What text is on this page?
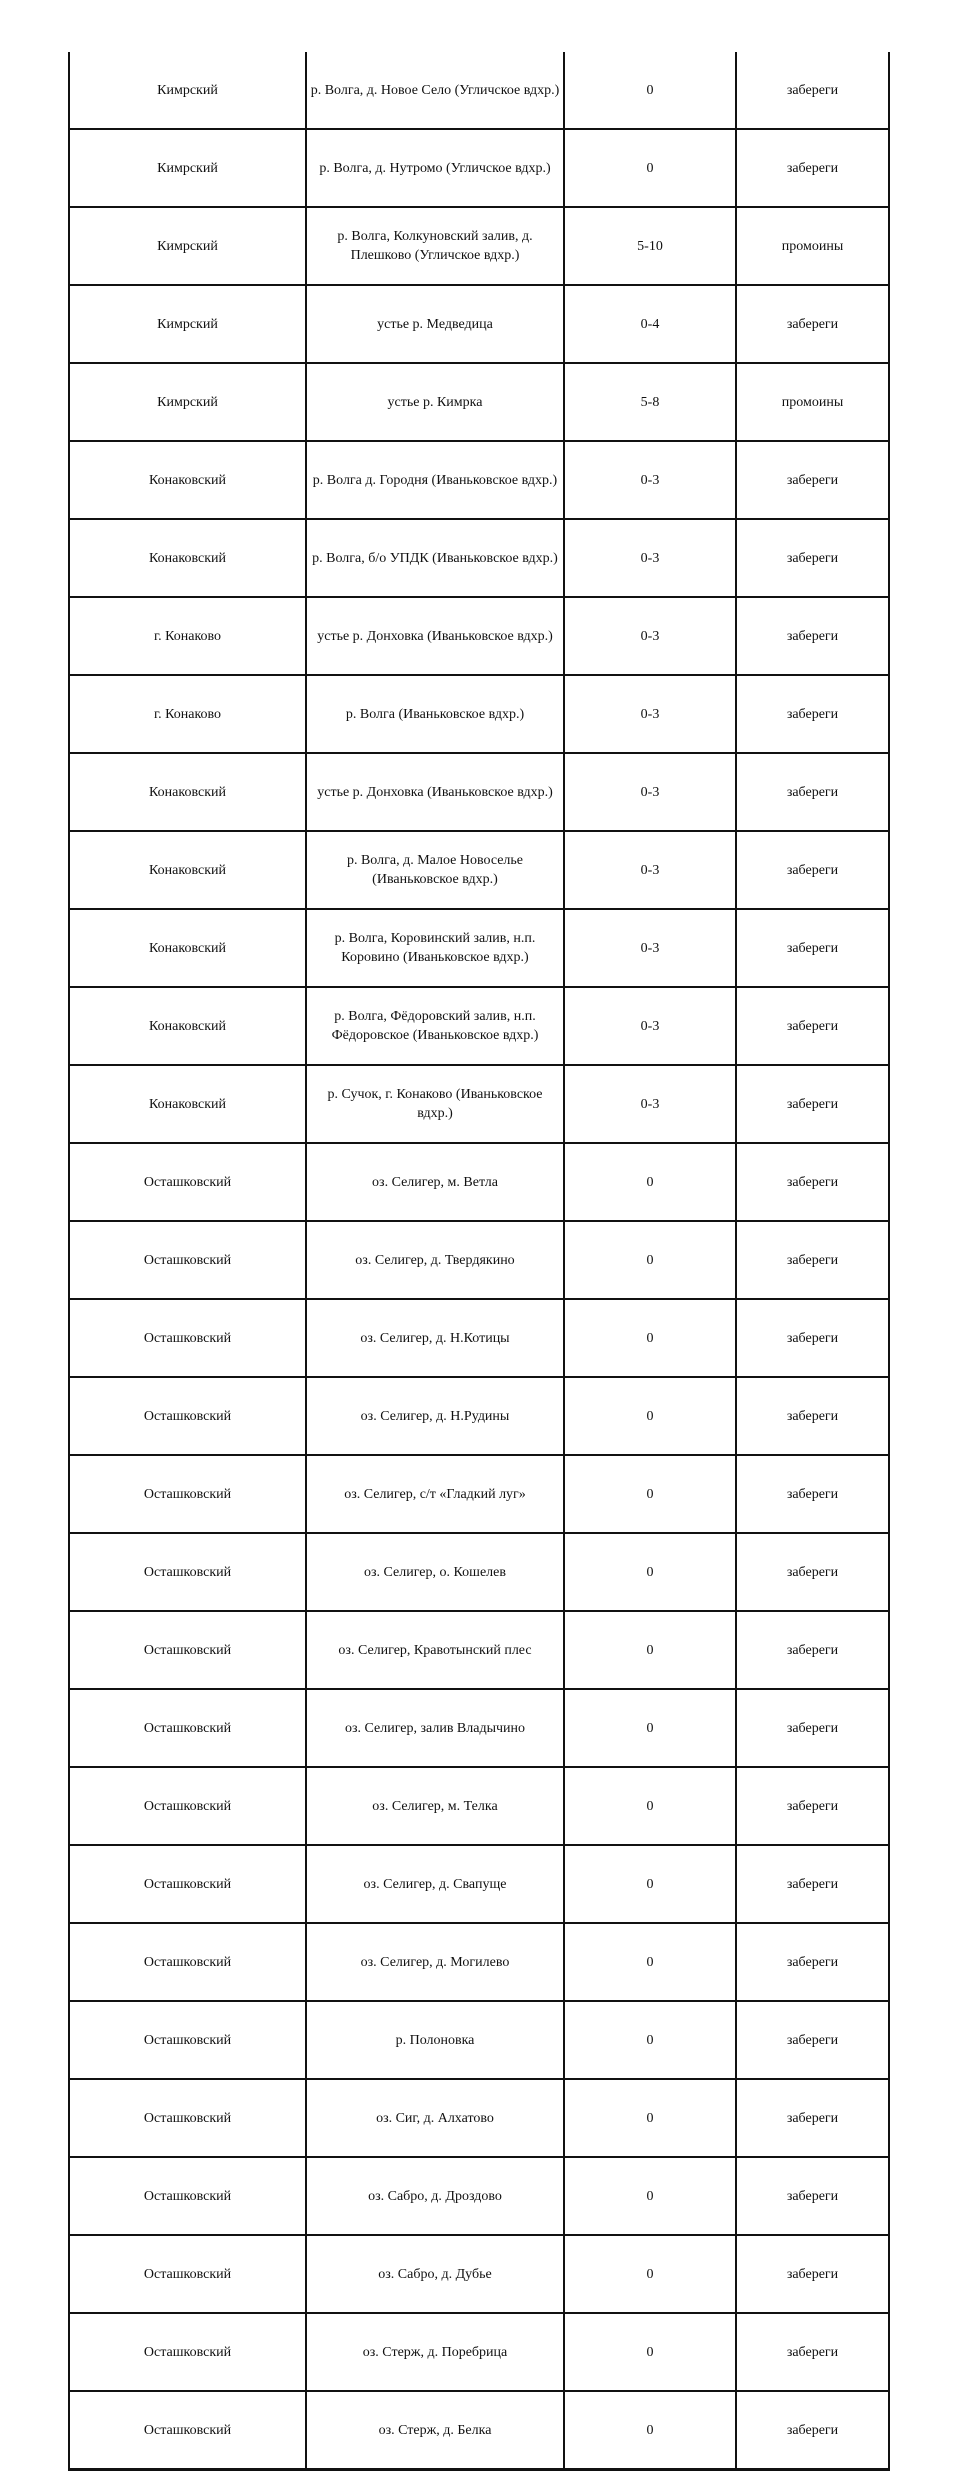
Кимрский	р. Волга, д. Новое Село (Угличское вдхр.)	0	забереги
Кимрский	р. Волга, д. Нутромо (Угличское вдхр.)	0	забереги
Кимрский	р. Волга, Колкуновский залив, д. Плешково (Угличское вдхр.)	5-10	промоины
Кимрский	устье р. Медведица	0-4	забереги
Кимрский	устье р. Кимрка	5-8	промоины
Конаковский	р. Волга д. Городня (Иваньковское вдхр.)	0-3	забереги
Конаковский	р. Волга, б/о УПДК (Иваньковское вдхр.)	0-3	забереги
г. Конаково	устье р. Донховка (Иваньковское вдхр.)	0-3	забереги
г. Конаково	р. Волга (Иваньковское вдхр.)	0-3	забереги
Конаковский	устье р. Донховка (Иваньковское вдхр.)	0-3	забереги
Конаковский	р. Волга, д. Малое Новоселье (Иваньковское вдхр.)	0-3	забереги
Конаковский	р. Волга, Коровинский залив, н.п. Коровино (Иваньковское вдхр.)	0-3	забереги
Конаковский	р. Волга, Фёдоровский залив, н.п. Фёдоровское (Иваньковское вдхр.)	0-3	забереги
Конаковский	р. Сучок, г. Конаково (Иваньковское вдхр.)	0-3	забереги
Осташковский	оз. Селигер, м. Ветла	0	забереги
Осташковский	оз. Селигер, д. Твердякино	0	забереги
Осташковский	оз. Селигер, д. Н.Котицы	0	забереги
Осташковский	оз. Селигер, д. Н.Рудины	0	забереги
Осташковский	оз. Селигер, с/т «Гладкий луг»	0	забереги
Осташковский	оз. Селигер, о. Кошелев	0	забереги
Осташковский	оз. Селигер, Кравотынский плес	0	забереги
Осташковский	оз. Селигер, залив Владычино	0	забереги
Осташковский	оз. Селигер, м. Телка	0	забереги
Осташковский	оз. Селигер, д. Свапуще	0	забереги
Осташковский	оз. Селигер, д. Могилево	0	забереги
Осташковский	р. Полоновка	0	забереги
Осташковский	оз. Сиг, д. Алхатово	0	забереги
Осташковский	оз. Сабро, д. Дроздово	0	забереги
Осташковский	оз. Сабро, д. Дубье	0	забереги
Осташковский	оз. Стерж, д. Поребрица	0	забереги
Осташковский	оз. Стерж, д. Белка	0	забереги
